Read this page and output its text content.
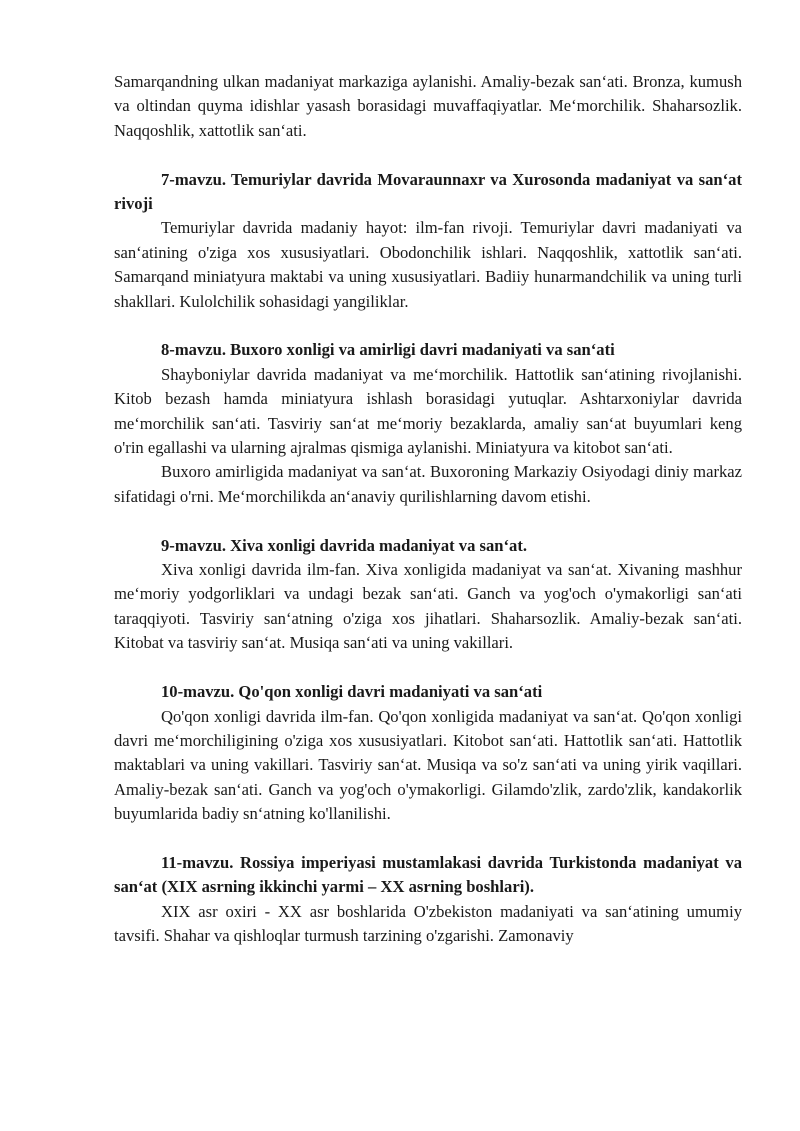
Samarqandning ulkan madaniyat markaziga aylanishi. Amaliy-bezak san‘ati. Bronza, kumush va oltindan quyma idishlar yasash borasidagi muvaffaqiyatlar. Me‘morchilik. Shaharsozlik. Naqqoshlik, xattotlik san‘ati.

7-mavzu. Temuriylar davrida Movaraunnaxr va Xurosonda madaniyat va san‘at rivoji

Temuriylar davrida madaniy hayot: ilm-fan rivoji. Temuriylar davri madaniyati va san‘atining o'ziga xos xususiyatlari. Obodonchilik ishlari. Naqqoshlik, xattotlik san‘ati. Samarqand miniatyura maktabi va uning xususiyatlari. Badiiy hunarmandchilik va uning turli shakllari. Kulolchilik sohasidagi yangiliklar.

8-mavzu. Buxoro xonligi va amirligi davri madaniyati va san‘ati

Shayboniylar davrida madaniyat va me‘morchilik. Hattotlik san‘atining rivojlanishi. Kitob bezash hamda miniatyura ishlash borasidagi yutuqlar. Ashtarxoniylar davrida me‘morchilik san‘ati. Tasviriy san‘at me‘moriy bezaklarda, amaliy san‘at buyumlari keng o'rin egallashi va ularning ajralmas qismiga aylanishi. Miniatyura va kitobot san‘ati.

Buxoro amirligida madaniyat va san‘at. Buxoroning Markaziy Osiyodagi diniy markaz sifatidagi o'rni. Me‘morchilikda an‘anaviy qurilishlarning davom etishi.

9-mavzu. Xiva xonligi davrida madaniyat va san‘at.

Xiva xonligi davrida ilm-fan. Xiva xonligida madaniyat va san‘at. Xivaning mashhur me‘moriy yodgorliklari va undagi bezak san‘ati. Ganch va yog'och o'ymakorligi san‘ati taraqqiyoti. Tasviriy san‘atning o'ziga xos jihatlari. Shaharsozlik. Amaliy-bezak san‘ati. Kitobat va tasviriy san‘at. Musiqa san‘ati va uning vakillari.

10-mavzu. Qo'qon xonligi davri madaniyati va san‘ati

Qo'qon xonligi davrida ilm-fan. Qo'qon xonligida madaniyat va san‘at. Qo'qon xonligi davri me‘morchiligining o'ziga xos xususiyatlari. Kitobot san‘ati. Hattotlik san‘ati. Hattotlik maktablari va uning vakillari. Tasviriy san‘at. Musiqa va so'z san‘ati va uning yirik vaqillari. Amaliy-bezak san‘ati. Ganch va yog'och o'ymakorligi. Gilamdo'zlik, zardo'zlik, kandakorlik buyumlarida badiy sn‘atning ko'llanilishi.

11-mavzu. Rossiya imperiyasi mustamlakasi davrida Turkistonda madaniyat va san‘at (XIX asrning ikkinchi yarmi – XX asrning boshlari).

XIX asr oxiri - XX asr boshlarida O'zbekiston madaniyati va san‘atining umumiy tavsifi. Shahar va qishloqlar turmush tarzining o'zgarishi. Zamonaviy
